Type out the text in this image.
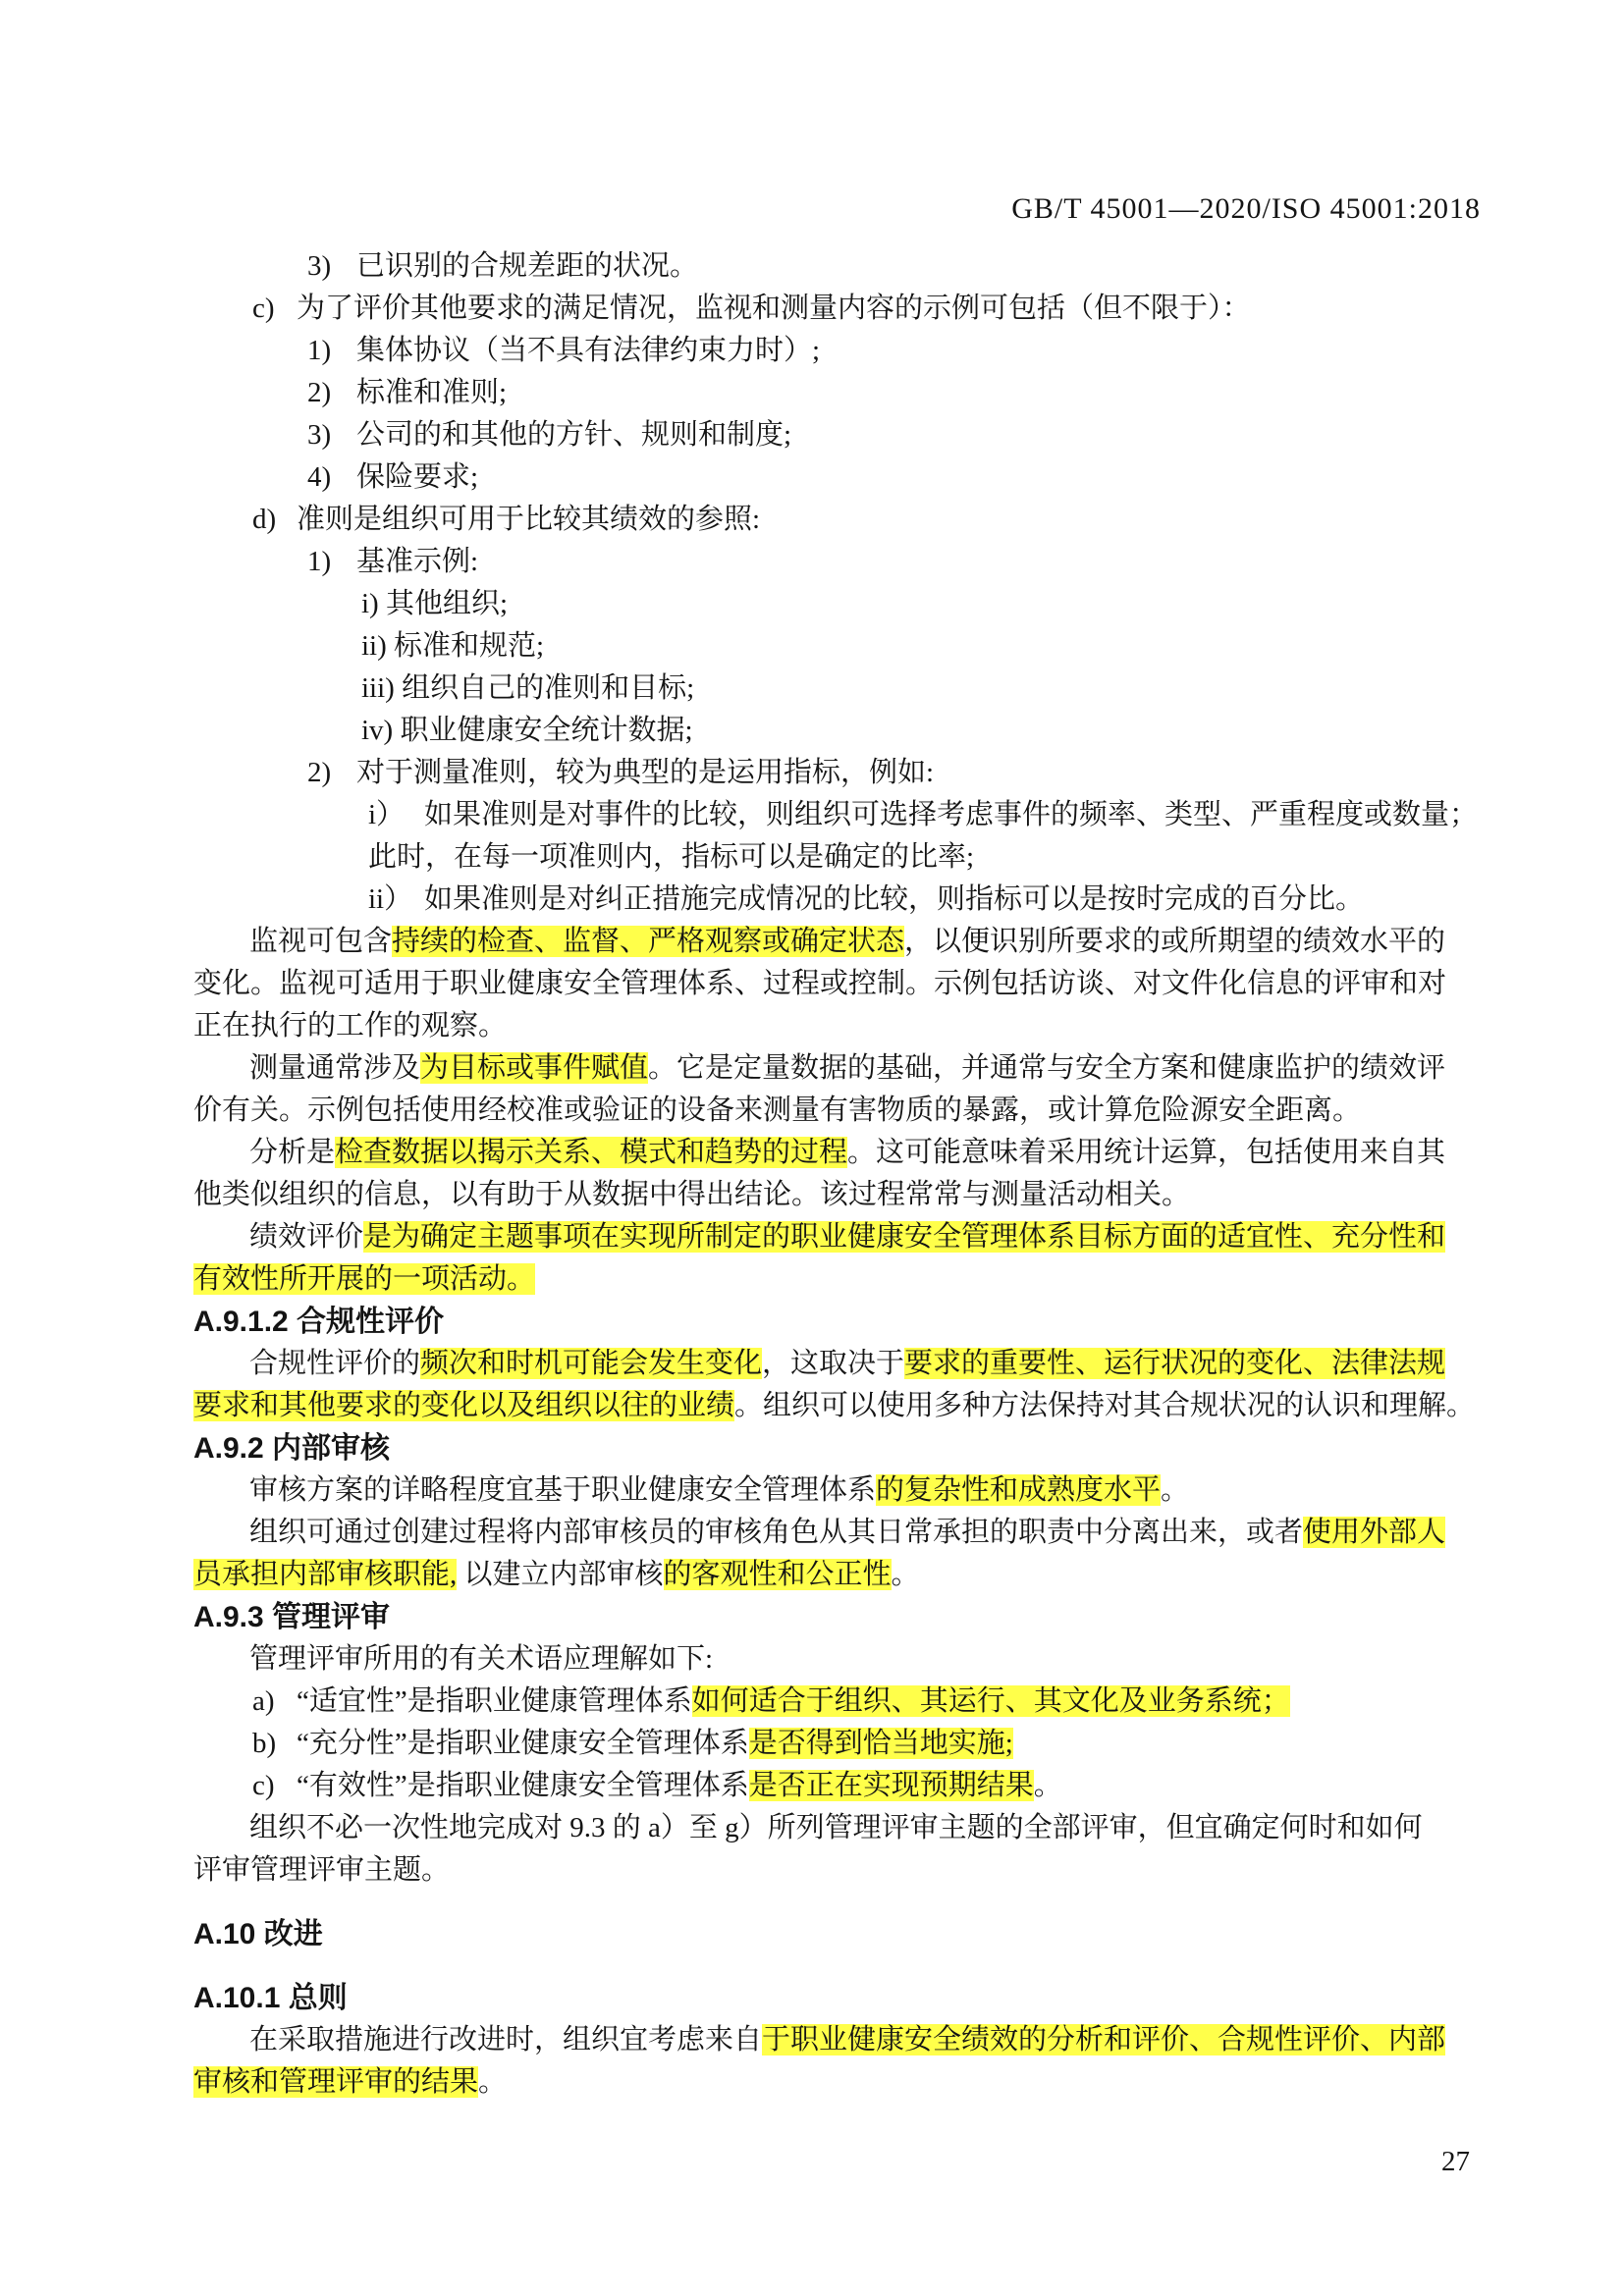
GB/T 45001—2020/ISO 45001:2018
3) 已识别的合规差距的状况。
c) 为了评价其他要求的满足情况，监视和测量内容的示例可包括（但不限于）：
1) 集体协议（当不具有法律约束力时）;
2) 标准和准则;
3) 公司的和其他的方针、规则和制度;
4) 保险要求;
d) 准则是组织可用于比较其绩效的参照:
1) 基准示例:
i) 其他组织;
ii) 标准和规范;
iii) 组织自己的准则和目标;
iv) 职业健康安全统计数据;
2) 对于测量准则，较为典型的是运用指标，例如:
i） 如果准则是对事件的比较，则组织可选择考虑事件的频率、类型、严重程度或数量；
此时，在每一项准则内，指标可以是确定的比率;
ii） 如果准则是对纠正措施完成情况的比较，则指标可以是按时完成的百分比。
监视可包含持续的检查、监督、严格观察或确定状态，以便识别所要求的或所期望的绩效水平的
变化。监视可适用于职业健康安全管理体系、过程或控制。示例包括访谈、对文件化信息的评审和对
正在执行的工作的观察。
测量通常涉及为目标或事件赋值。它是定量数据的基础，并通常与安全方案和健康监护的绩效评
价有关。示例包括使用经校准或验证的设备来测量有害物质的暴露，或计算危险源安全距离。
分析是检查数据以揭示关系、模式和趋势的过程。这可能意味着采用统计运算，包括使用来自其
他类似组织的信息，以有助于从数据中得出结论。该过程常常与测量活动相关。
绩效评价是为确定主题事项在实现所制定的职业健康安全管理体系目标方面的适宜性、充分性和
有效性所开展的一项活动。
A.9.1.2 合规性评价
合规性评价的频次和时机可能会发生变化，这取决于要求的重要性、运行状况的变化、法律法规
要求和其他要求的变化以及组织以往的业绩。组织可以使用多种方法保持对其合规状况的认识和理解。
A.9.2 内部审核
审核方案的详略程度宜基于职业健康安全管理体系的复杂性和成熟度水平。
组织可通过创建过程将内部审核员的审核角色从其日常承担的职责中分离出来，或者使用外部人
员承担内部审核职能, 以建立内部审核的客观性和公正性。
A.9.3 管理评审
管理评审所用的有关术语应理解如下:
a) “适宜性”是指职业健康管理体系如何适合于组织、其运行、其文化及业务系统；
b) “充分性”是指职业健康安全管理体系是否得到恰当地实施;
c) “有效性”是指职业健康安全管理体系是否正在实现预期结果。
组织不必一次性地完成对 9.3 的 a）至 g）所列管理评审主题的全部评审，但宜确定何时和如何
评审管理评审主题。
A.10 改进
A.10.1 总则
在采取措施进行改进时，组织宜考虑来自于职业健康安全绩效的分析和评价、合规性评价、内部
审核和管理评审的结果。
27
